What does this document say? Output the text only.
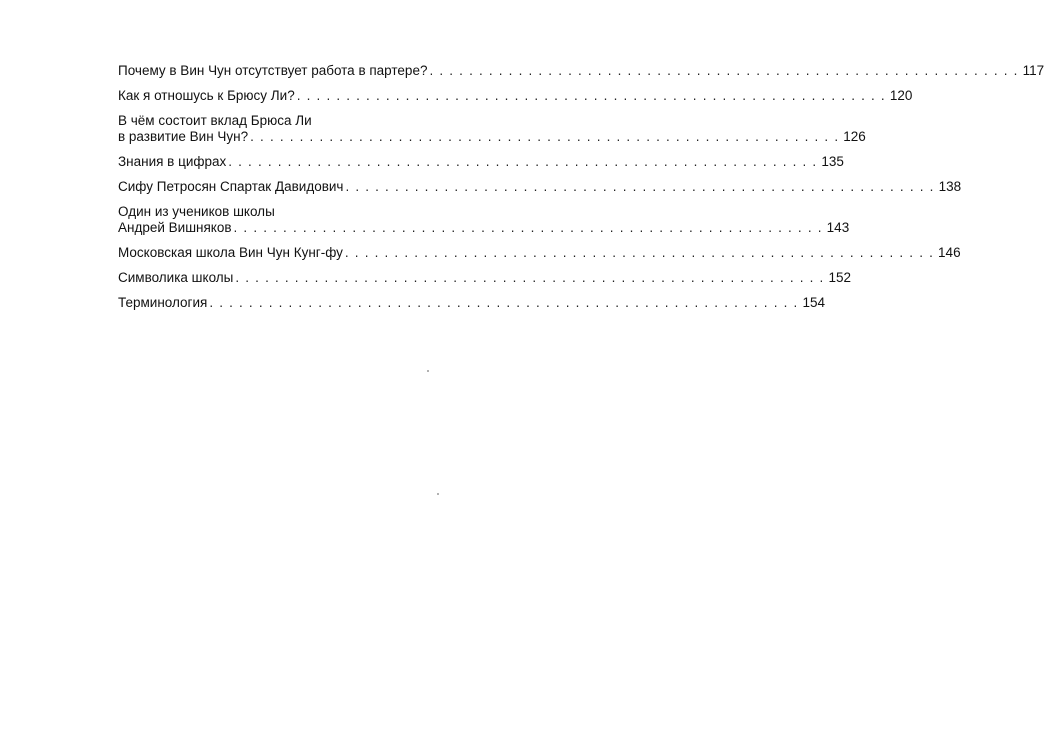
Почему в Вин Чун отсутствует работа в партере? . . . . . . . . . . . . . . . . . . . . . . . . . . . . . . . . . . . . . . . . . . . . . . . . . . . . . . . . . . . . 117
Как я отношусь к Брюсу Ли? . . . . . . . . . . . . . . . . . . . . . . . . . . . . . . . . . . . . . . . . . . . . . . . . . . . . . . . . . . . . 120
В чём состоит вклад Брюса Ли
в развитие Вин Чун? . . . . . . . . . . . . . . . . . . . . . . . . . . . . . . . . . . . . . . . . . . . . . . . . . . . . . . . . . . . . 126
Знания в цифрах . . . . . . . . . . . . . . . . . . . . . . . . . . . . . . . . . . . . . . . . . . . . . . . . . . . . . . . . . . . . 135
Сифу Петросян Спартак Давидович . . . . . . . . . . . . . . . . . . . . . . . . . . . . . . . . . . . . . . . . . . . . . . . . . . . . . . . . . . . . 138
Один из учеников школы
Андрей Вишняков . . . . . . . . . . . . . . . . . . . . . . . . . . . . . . . . . . . . . . . . . . . . . . . . . . . . . . . . . . . . 143
Московская школа Вин Чун Кунг-фу . . . . . . . . . . . . . . . . . . . . . . . . . . . . . . . . . . . . . . . . . . . . . . . . . . . . . . . . . . . . 146
Символика школы . . . . . . . . . . . . . . . . . . . . . . . . . . . . . . . . . . . . . . . . . . . . . . . . . . . . . . . . . . . . 152
Терминология . . . . . . . . . . . . . . . . . . . . . . . . . . . . . . . . . . . . . . . . . . . . . . . . . . . . . . . . . . . . 154
